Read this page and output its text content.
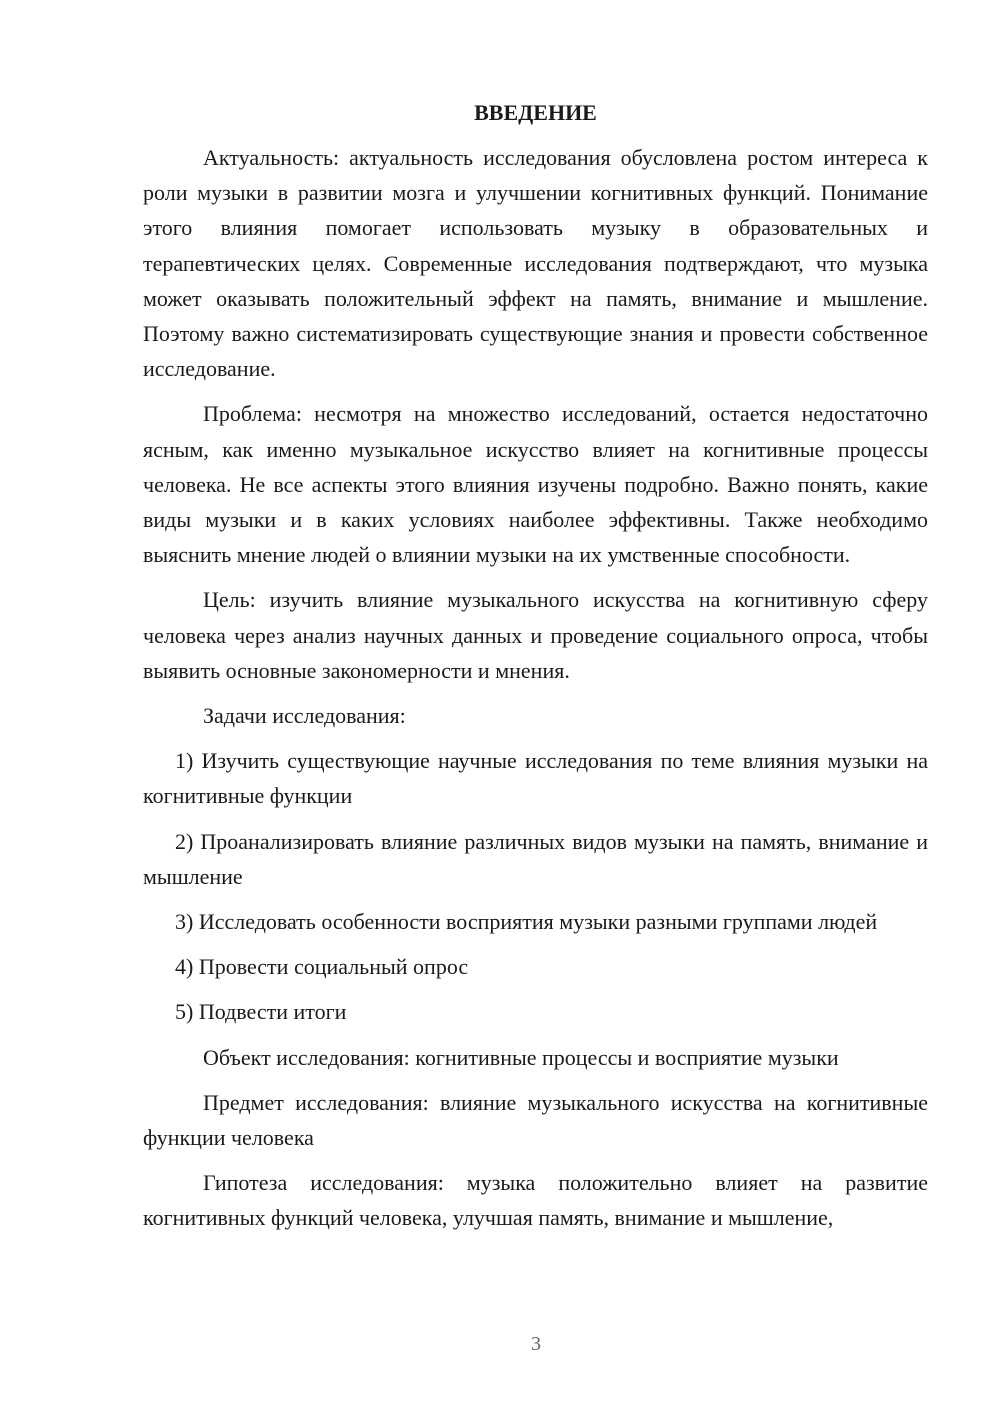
ВВЕДЕНИЕ

Актуальность: актуальность исследования обусловлена ростом интереса к роли музыки в развитии мозга и улучшении когнитивных функций. Понимание этого влияния помогает использовать музыку в образовательных и терапевтических целях. Современные исследования подтверждают, что музыка может оказывать положительный эффект на память, внимание и мышление. Поэтому важно систематизировать существующие знания и провести собственное исследование.

Проблема: несмотря на множество исследований, остается недостаточно ясным, как именно музыкальное искусство влияет на когнитивные процессы человека. Не все аспекты этого влияния изучены подробно. Важно понять, какие виды музыки и в каких условиях наиболее эффективны. Также необходимо выяснить мнение людей о влиянии музыки на их умственные способности.

Цель: изучить влияние музыкального искусства на когнитивную сферу человека через анализ научных данных и проведение социального опроса, чтобы выявить основные закономерности и мнения.

Задачи исследования:

1) Изучить существующие научные исследования по теме влияния музыки на когнитивные функции

2) Проанализировать влияние различных видов музыки на память, внимание и мышление

3) Исследовать особенности восприятия музыки разными группами людей

4) Провести социальный опрос

5) Подвести итоги

Объект исследования: когнитивные процессы и восприятие музыки

Предмет исследования: влияние музыкального искусства на когнитивные функции человека

Гипотеза исследования: музыка положительно влияет на развитие когнитивных функций человека, улучшая память, внимание и мышление,

3
